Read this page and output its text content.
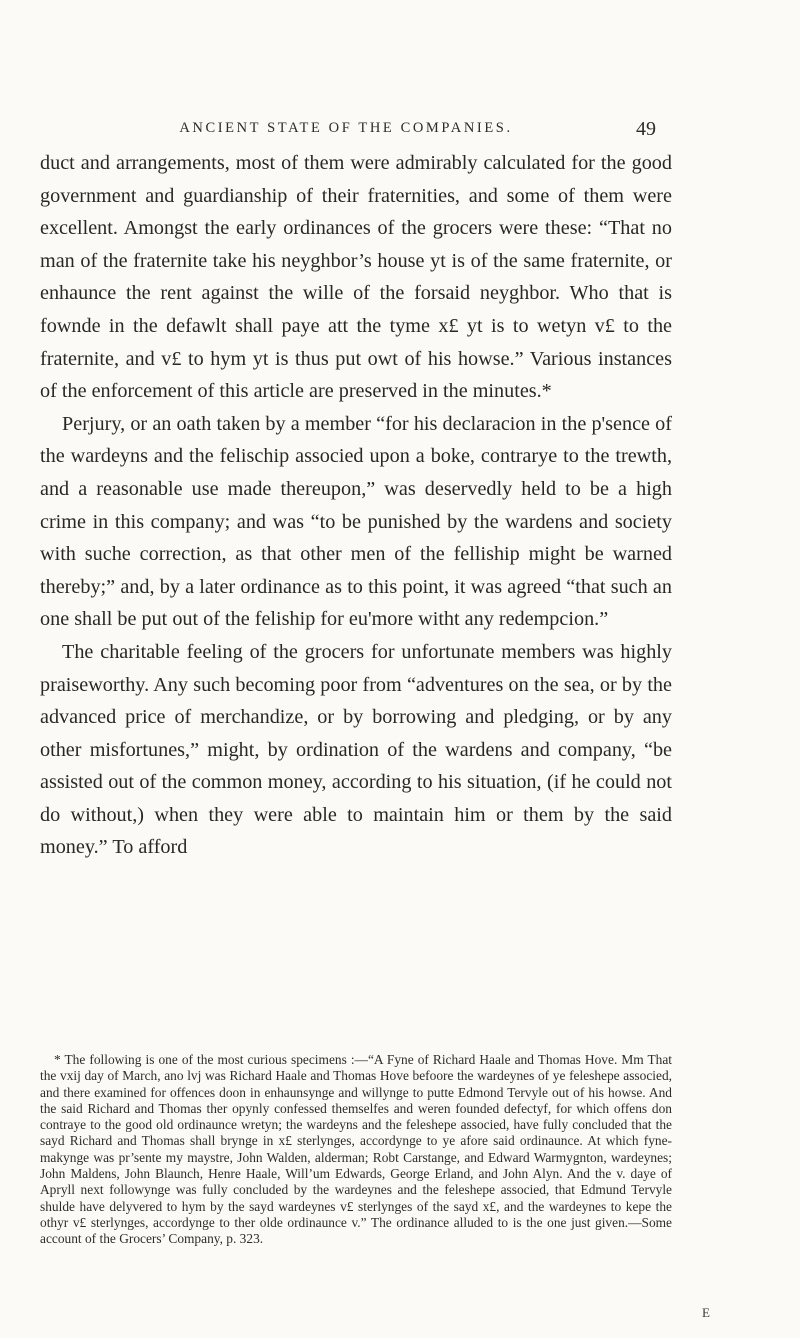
ANCIENT STATE OF THE COMPANIES.	49

duct and arrangements, most of them were admirably calculated for the good government and guardianship of their fraternities, and some of them were excellent. Amongst the early ordinances of the grocers were these: “That no man of the fraternite take his neyghbor’s house yt is of the same fraternite, or enhaunce the rent against the wille of the forsaid neyghbor. Who that is fownde in the defawlt shall paye att the tyme x£ yt is to wetyn v£ to the fraternite, and v£ to hym yt is thus put owt of his howse.” Various instances of the enforcement of this article are preserved in the minutes.*

Perjury, or an oath taken by a member “for his declaracion in the p'sence of the wardeyns and the felischip associed upon a boke, contrarye to the trewth, and a reasonable use made thereupon,” was deservedly held to be a high crime in this company; and was “to be punished by the wardens and society with suche correction, as that other men of the felliship might be warned thereby;” and, by a later ordinance as to this point, it was agreed “that such an one shall be put out of the feliship for eu'more witht any redempcion.”

The charitable feeling of the grocers for unfortunate members was highly praiseworthy. Any such becoming poor from “adventures on the sea, or by the advanced price of merchandize, or by borrowing and pledging, or by any other misfortunes,” might, by ordination of the wardens and company, “be assisted out of the common money, according to his situation, (if he could not do without,) when they were able to maintain him or them by the said money.” To afford

* The following is one of the most curious specimens :—“A Fyne of Richard Haale and Thomas Hove. Mm That the vxij day of March, ano lvj was Richard Haale and Thomas Hove befoore the wardeynes of ye feleshepe associed, and there examined for offences doon in enhaunsynge and willynge to putte Edmond Tervyle out of his howse. And the said Richard and Thomas ther opynly confessed themselfes and weren founded defectyf, for which offens don contraye to the good old ordinaunce wretyn; the wardeyns and the feleshepe associed, have fully concluded that the sayd Richard and Thomas shall brynge in x£ sterlynges, accordynge to ye afore said ordinaunce. At which fyne-makynge was pr’sente my maystre, John Walden, alderman; Robt Carstange, and Edward Warmygnton, wardeynes; John Maldens, John Blaunch, Henre Haale, Will’um Edwards, George Erland, and John Alyn. And the v. daye of Apryll next followynge was fully concluded by the wardeynes and the feleshepe associed, that Edmund Tervyle shulde have delyvered to hym by the sayd wardeynes v£ sterlynges of the sayd x£, and the wardeynes to kepe the othyr v£ sterlynges, accordynge to ther olde ordinaunce v.” The ordinance alluded to is the one just given.—Some account of the Grocers’ Company, p. 323.
E
